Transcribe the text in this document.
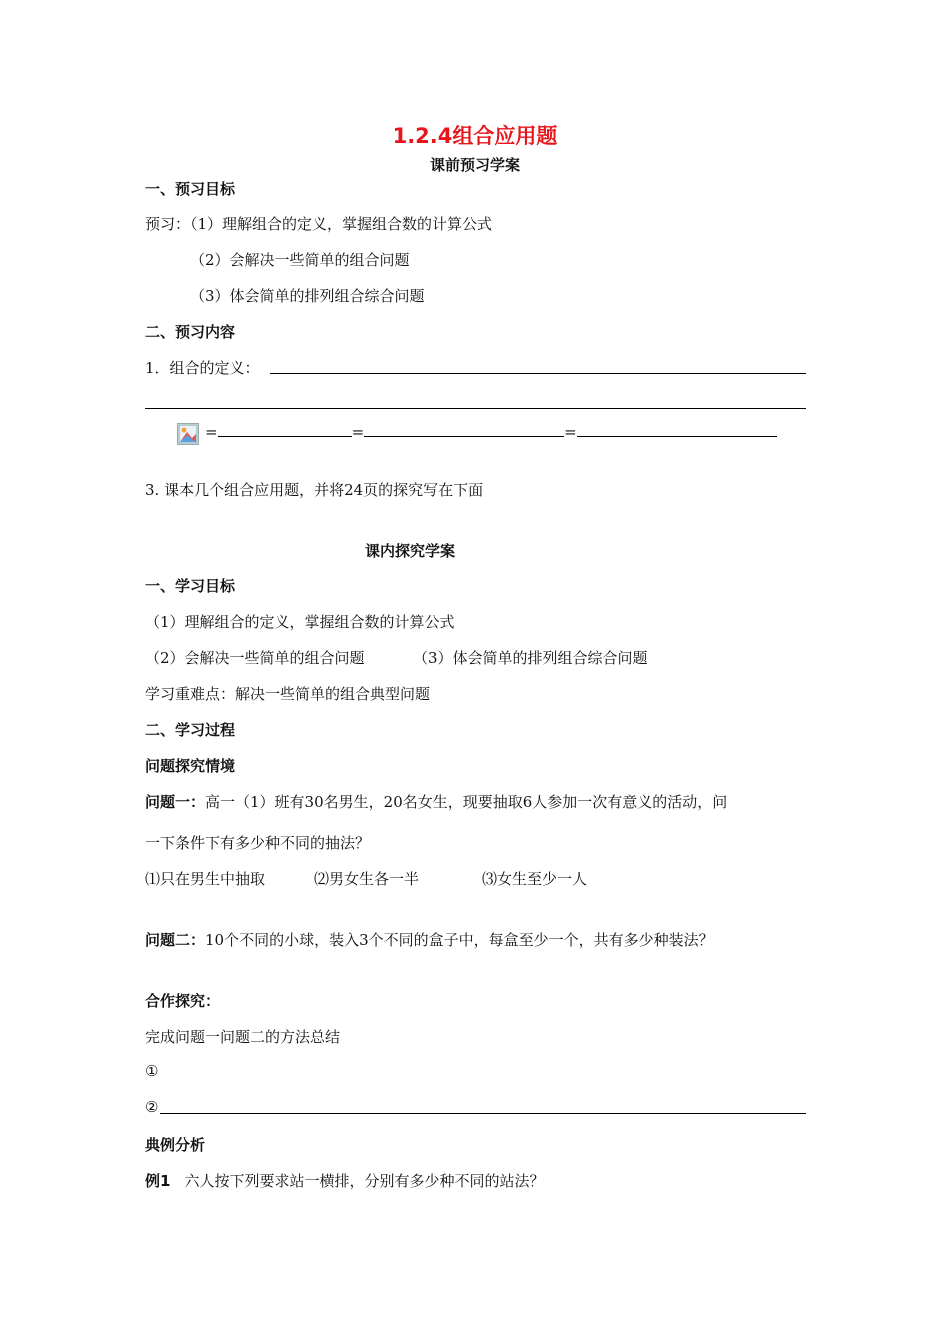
1.2.4组合应用题
课前预习学案
一、预习目标
预习：（1）理解组合的定义，掌握组合数的计算公式
（2）会解决一些简单的组合问题
（3）体会简单的排列组合综合问题
二、预习内容
1．组合的定义：
=	=	=
3. 课本几个组合应用题，并将24页的探究写在下面
课内探究学案
一、学习目标
（1）理解组合的定义，掌握组合数的计算公式
（2）会解决一些简单的组合问题	（3）体会简单的排列组合综合问题
学习重难点：解决一些简单的组合典型问题
二、学习过程
问题探究情境
问题一：高一（1）班有30名男生，20名女生，现要抽取6人参加一次有意义的活动，问
一下条件下有多少种不同的抽法？
⑴只在男生中抽取	⑵男女生各一半	⑶女生至少一人
问题二：10个不同的小球，装入3个不同的盒子中，每盒至少一个，共有多少种装法？
合作探究：
完成问题一问题二的方法总结
①
②
典例分析
例1 六人按下列要求站一横排，分别有多少种不同的站法？
